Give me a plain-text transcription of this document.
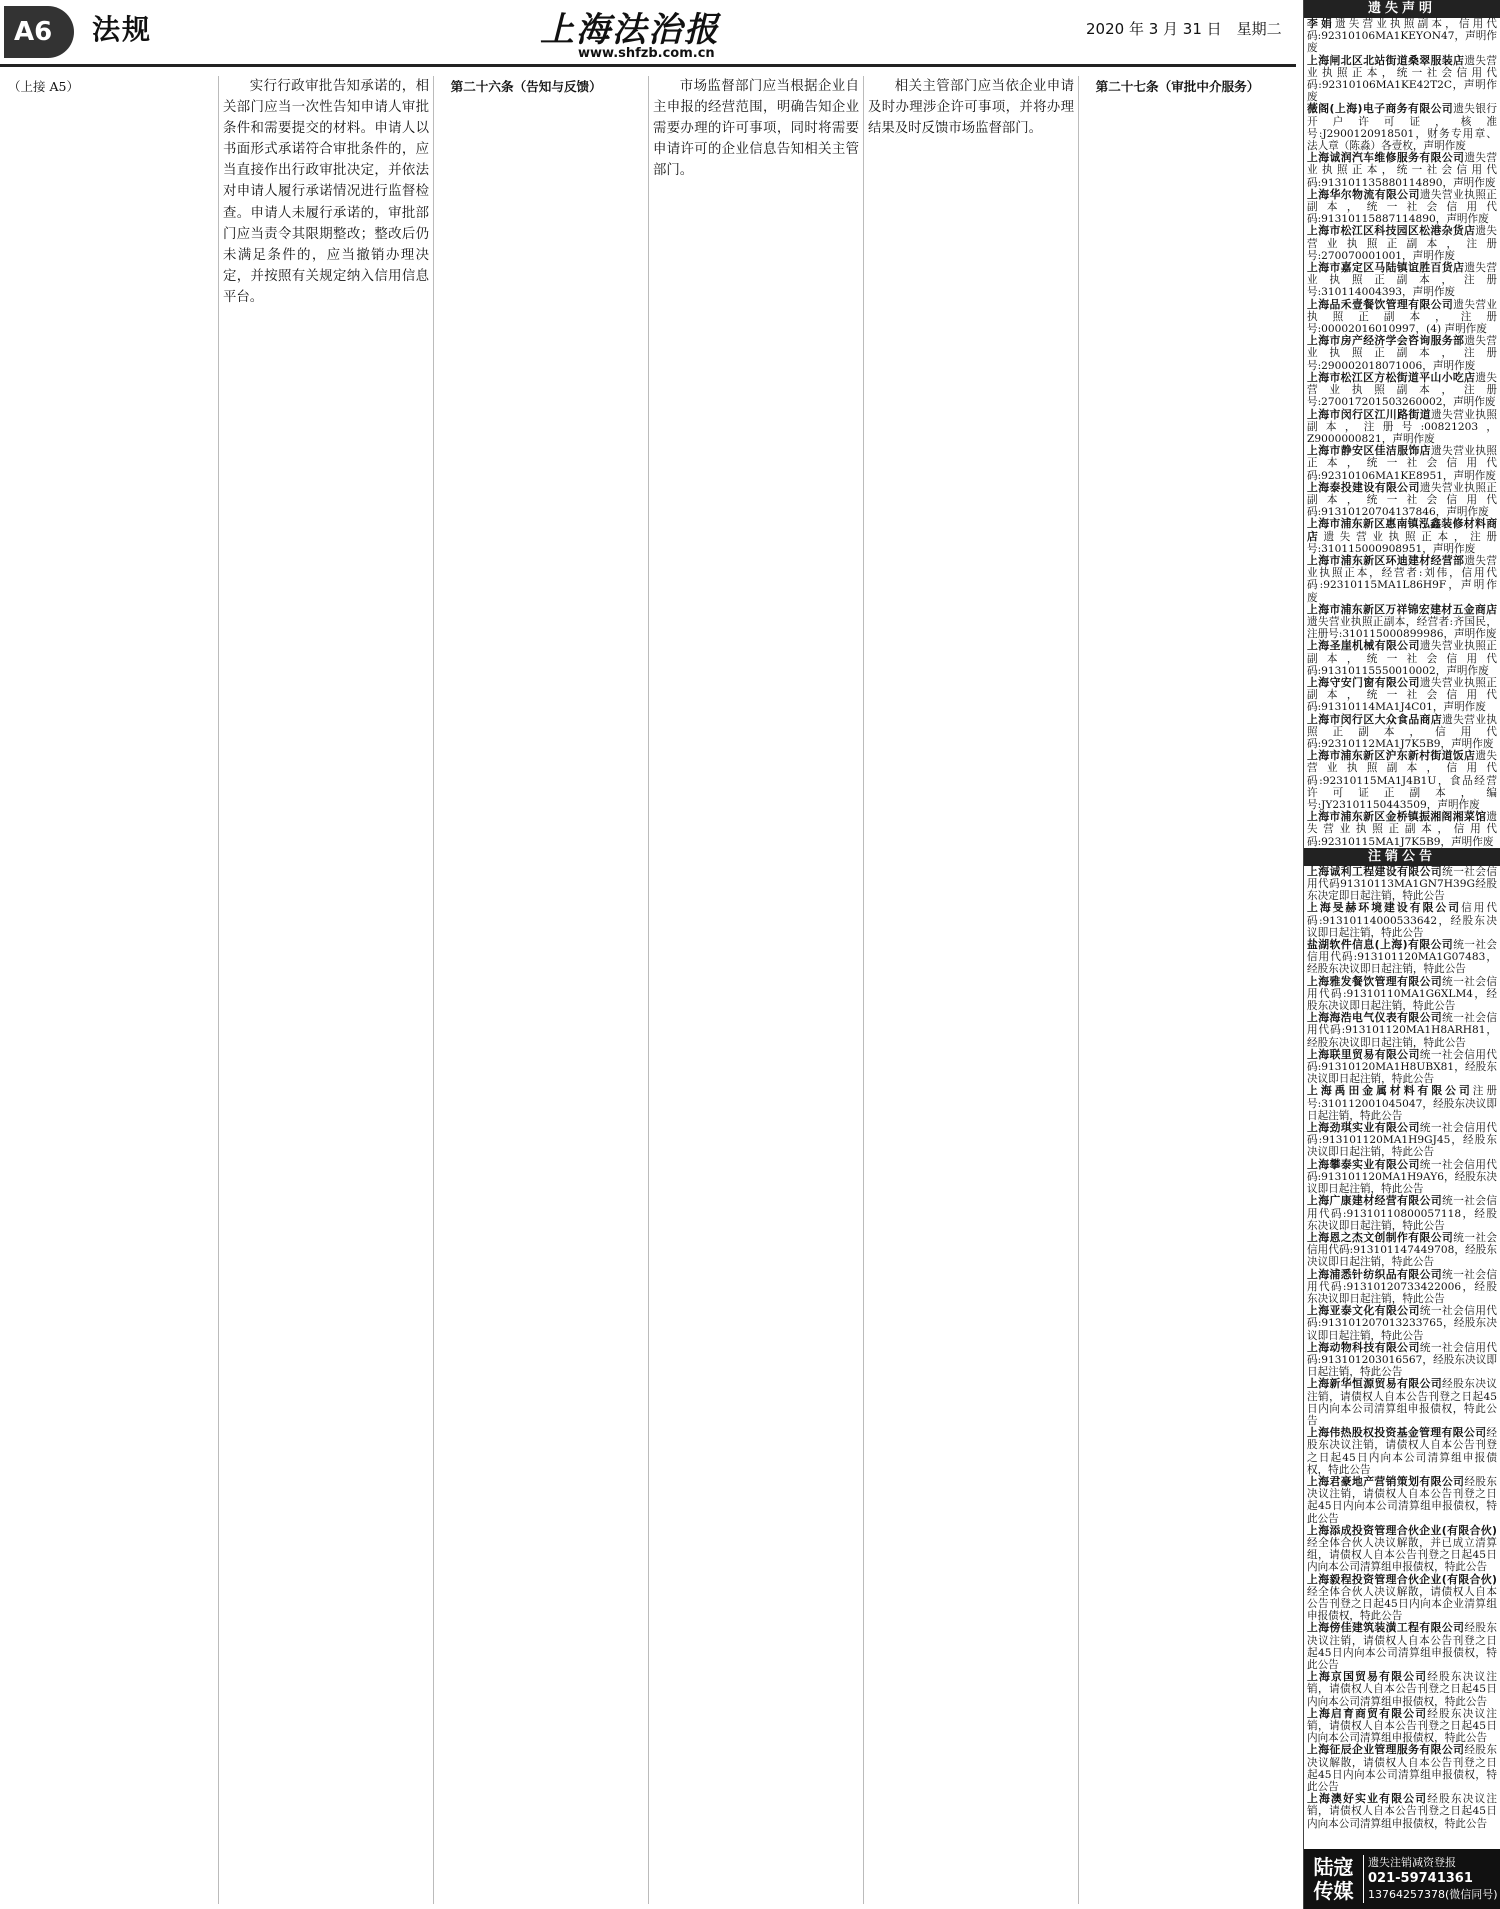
A6	法规	上海法治报
www.shfzb.com.cn
2020 年 3 月 31 日　星期二

（上接 A5）	实行行政审批告知承诺的，相关部门应当一次性告知申请人审批条件和需要提交的材料。申请人以书面形式承诺符合审批条件的，应当直接作出行政审批决定，并依法对申请人履行承诺情况进行监督检查。申请人未履行承诺的，审批部门应当责令其限期整改；整改后仍未满足条件的，应当撤销办理决定，并按照有关规定纳入信用信息平台。

第二十六条（告知与反馈）	市场监督部门应当根据企业自主申报的经营范围，明确告知企业需要办理的许可事项，同时将需要申请许可的企业信息告知相关主管部门。

相关主管部门应当依企业申请及时办理涉企许可事项，并将办理结果及时反馈市场监督部门。

第二十七条（审批中介服务）

遗失声明
李娟遗失营业执照副本，信用代码:92310106MA1KEYON47，声明作废
上海闸北区北站街道桑翠服装店遗失营业执照正本，统一社会信用代码:92310106MA1KE42T2C，声明作废
薇阁(上海)电子商务有限公司遗失银行开户许可证，核准号:J2900120918501，财务专用章、法人章（陈淼）各壹枚，声明作废
上海诚润汽车维修服务有限公司遗失营业执照正本，统一社会信用代码:913101135880114890，声明作废
上海华尔物流有限公司遗失营业执照正副本，统一社会信用代码:91310115887114890，声明作废
上海市松江区科技园区松港杂货店遗失营业执照正副本，注册号:270070001001，声明作废
上海市嘉定区马陆镇谊胜百货店遗失营业执照正副本，注册号:310114004393，声明作废
上海品禾壹餐饮管理有限公司遗失营业执照正副本，注册号:00002016010997，(4) 声明作废
上海市房产经济学会咨询服务部遗失营业执照正副本，注册号:290002018071006，声明作废
上海市松江区方松街道平山小吃店遗失营业执照副本，注册号:270017201503260002，声明作废
上海市闵行区江川路街道遗失营业执照副本，注册号:00821203，Z9000000821，声明作废
上海市静安区佳洁服饰店遗失营业执照正本，统一社会信用代码:92310106MA1KE8951，声明作废
上海泰投建设有限公司遗失营业执照正副本，统一社会信用代码:91310120704137846，声明作废
上海市浦东新区惠南镇泓鑫装修材料商店遗失营业执照正本，注册号:310115000908951，声明作废
上海市浦东新区环迪建材经营部遗失营业执照正本，经营者:刘伟，信用代码:92310115MA1L86H9F，声明作废
上海市浦东新区万祥锦宏建材五金商店遗失营业执照正副本，经营者:齐国民，注册号:310115000899986，声明作废
上海圣崖机械有限公司遗失营业执照正副本，统一社会信用代码:91310115550010002，声明作废
上海守安门窗有限公司遗失营业执照正副本，统一社会信用代码:91310114MA1J4C01，声明作废
上海市闵行区大众食品商店遗失营业执照正副本，信用代码:92310112MA1J7K5B9，声明作废
上海市浦东新区沪东新村街道饭店遗失营业执照副本，信用代码:92310115MA1J4B1U，食品经营许可证正副本，编号:JY23101150443509，声明作废
上海市浦东新区金桥镇振湘阁湘菜馆遗失营业执照正副本，信用代码:92310115MA1J7K5B9，声明作废
注销公告
上海诚利工程建设有限公司统一社会信用代码91310113MA1GN7H39G经股东决定即日起注销，特此公告
上海旻赫环境建设有限公司信用代码:91310114000533642，经股东决议即日起注销，特此公告
盐湖软件信息(上海)有限公司统一社会信用代码:913101120MA1G07483，经股东决议即日起注销，特此公告
上海雅发餐饮管理有限公司统一社会信用代码:91310110MA1G6XLM4，经股东决议即日起注销，特此公告
上海海浩电气仪表有限公司统一社会信用代码:913101120MA1H8ARH81，经股东决议即日起注销，特此公告
上海联里贸易有限公司统一社会信用代码:91310120MA1H8UBX81，经股东决议即日起注销，特此公告
上海禹田金属材料有限公司注册号:310112001045047，经股东决议即日起注销，特此公告
上海劲琪实业有限公司统一社会信用代码:913101120MA1H9GJ45，经股东决议即日起注销，特此公告
上海攀泰实业有限公司统一社会信用代码:913101120MA1H9AY6，经股东决议即日起注销，特此公告
上海广康建材经营有限公司统一社会信用代码:91310110800057118，经股东决议即日起注销，特此公告
上海恩之杰文创制作有限公司统一社会信用代码:913101147449708，经股东决议即日起注销，特此公告
上海浦悉针纺织品有限公司统一社会信用代码:91310120733422006，经股东决议即日起注销，特此公告
上海亚泰文化有限公司统一社会信用代码:913101207013233765，经股东决议即日起注销，特此公告
上海动物科技有限公司统一社会信用代码:913101203016567，经股东决议即日起注销，特此公告
上海新华恒源贸易有限公司经股东决议注销，请债权人自本公告刊登之日起45日内向本公司清算组申报债权，特此公告
上海伟热股权投资基金管理有限公司经股东决议注销，请债权人自本公告刊登之日起45日内向本公司清算组申报债权，特此公告
上海君豪地产营销策划有限公司经股东决议注销，请债权人自本公告刊登之日起45日内向本公司清算组申报债权，特此公告
上海添成投资管理合伙企业(有限合伙)经全体合伙人决议解散，并已成立清算组，请债权人自本公告刊登之日起45日内向本公司清算组申报债权，特此公告
上海毅程投资管理合伙企业(有限合伙)经全体合伙人决议解散，请债权人自本公告刊登之日起45日内向本企业清算组申报债权，特此公告
上海傍佳建筑装潢工程有限公司经股东决议注销，请债权人自本公告刊登之日起45日内向本公司清算组申报债权，特此公告
上海京国贸易有限公司经股东决议注销，请债权人自本公告刊登之日起45日内向本公司清算组申报债权，特此公告
上海启育商贸有限公司经股东决议注销，请债权人自本公告刊登之日起45日内向本公司清算组申报债权，特此公告
上海征辰企业管理服务有限公司经股东决议解散，请债权人自本公告刊登之日起45日内向本公司清算组申报债权，特此公告
上海澳好实业有限公司经股东决议注销，请债权人自本公告刊登之日起45日内向本公司清算组申报债权，特此公告
陆寇传媒
遗失注销减资登报
021-59741361
13764257378(微信同号)
